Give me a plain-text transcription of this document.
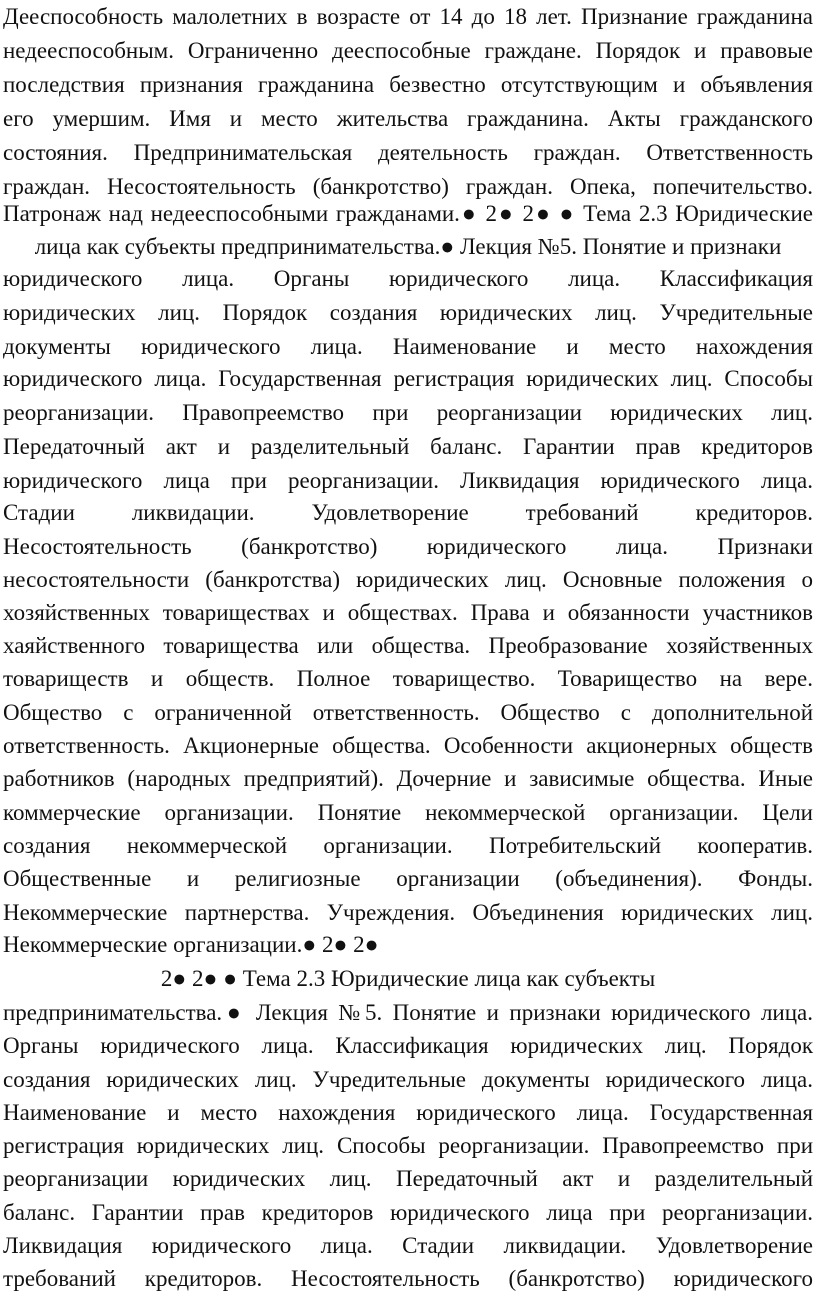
Дееспособность малолетних в возрасте от 14 до 18 лет. Признание гражданина
недееспособным. Ограниченно дееспособные граждане. Порядок и правовые
последствия признания гражданина безвестно отсутствующим и объявления
его умершим. Имя и место жительства гражданина. Акты гражданского
состояния. Предпринимательская деятельность граждан. Ответственность
граждан. Несостоятельность (банкротство) граждан. Опека, попечительство.
Патронаж над недееспособными гражданами.● 2● 2● ● Тема 2.3 Юридические
лица как субъекты предпринимательства.● Лекция №5. Понятие и признаки
юридического лица. Органы юридического лица. Классификация
юридических лиц. Порядок создания юридических лиц. Учредительные
документы юридического лица. Наименование и место нахождения
юридического лица. Государственная регистрация юридических лиц. Способы
реорганизации. Правопреемство при реорганизации юридических лиц.
Передаточный акт и разделительный баланс. Гарантии прав кредиторов
юридического лица при реорганизации. Ликвидация юридического лица.
Стадии ликвидации. Удовлетворение требований кредиторов.
Несостоятельность (банкротство) юридического лица. Признаки
несостоятельности (банкротства) юридических лиц. Основные положения о
хозяйственных товариществах и обществах. Права и обязанности участников
хаяйственного товарищества или общества. Преобразование хозяйственных
товариществ и обществ. Полное товарищество. Товарищество на вере.
Общество с ограниченной ответственность. Общество с дополнительной
ответственность. Акционерные общества. Особенности акционерных обществ
работников (народных предприятий). Дочерние и зависимые общества. Иные
коммерческие организации. Понятие некоммерческой организации. Цели
создания некоммерческой организации. Потребительский кооператив.
Общественные и религиозные организации (объединения). Фонды.
Некоммерческие партнерства. Учреждения. Объединения юридических лиц.
Некоммерческие организации.● 2● 2●
2● 2● ● Тема 2.3 Юридические лица как субъекты
предпринимательства.● Лекция №5. Понятие и признаки юридического лица.
Органы юридического лица. Классификация юридических лиц. Порядок
создания юридических лиц. Учредительные документы юридического лица.
Наименование и место нахождения юридического лица. Государственная
регистрация юридических лиц. Способы реорганизации. Правопреемство при
реорганизации юридических лиц. Передаточный акт и разделительный
баланс. Гарантии прав кредиторов юридического лица при реорганизации.
Ликвидация юридического лица. Стадии ликвидации. Удовлетворение
требований кредиторов. Несостоятельность (банкротство) юридического
